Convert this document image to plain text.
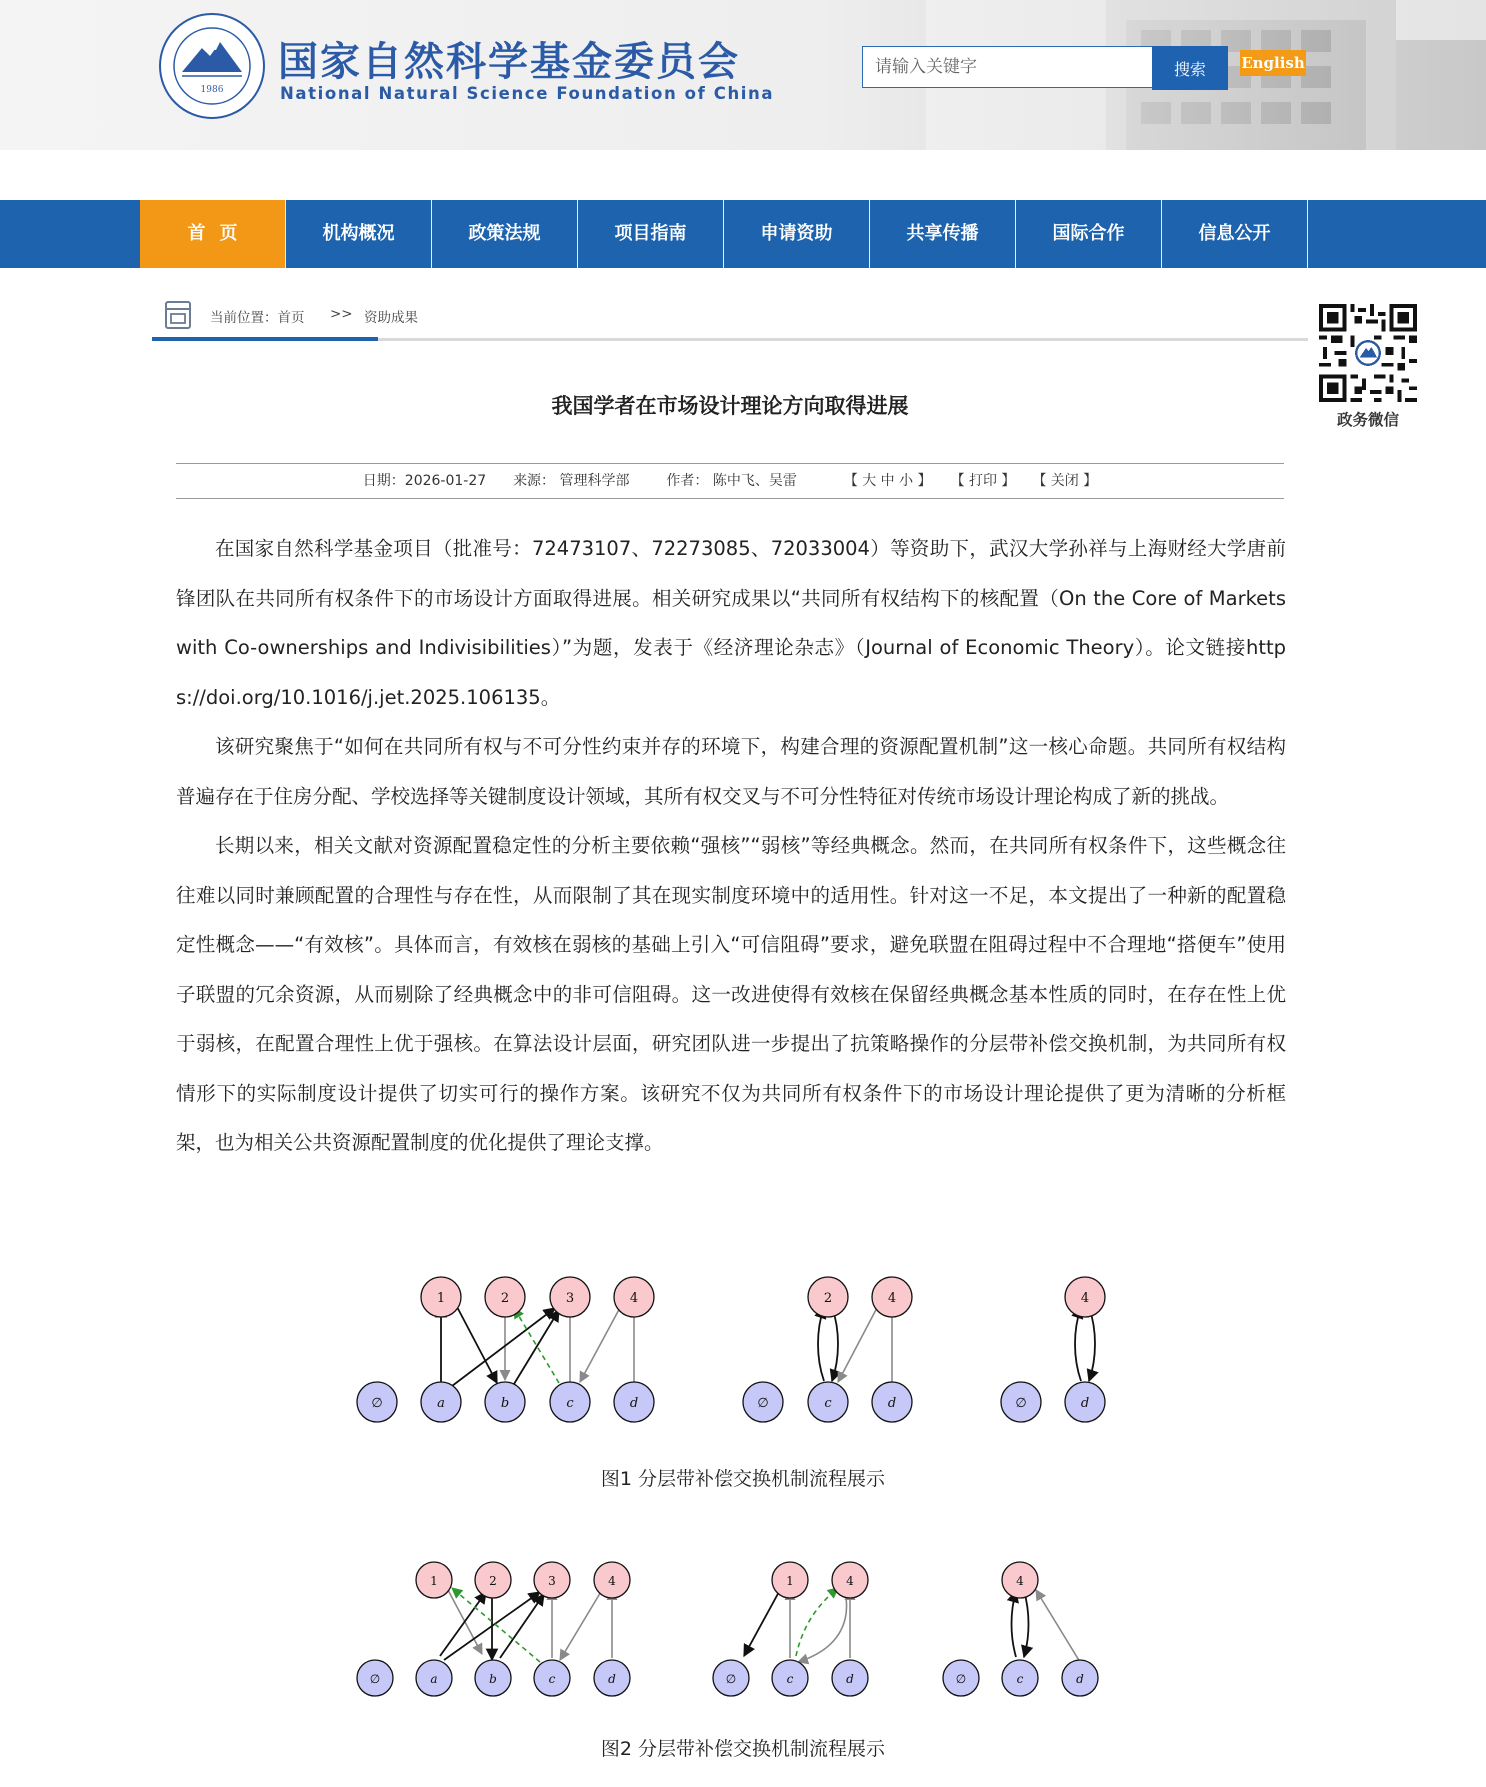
1986
国家自然科学基金委员会
National Natural Science Foundation of China
请输入关键字
搜索	English
首页	机构概况	政策法规	项目指南	申请资助	共享传播	国际合作	信息公开
当前位置：首页 >> 资助成果
政务微信
我国学者在市场设计理论方向取得进展
日期：2026-01-27 来源： 管理科学部	作者： 陈中飞、吴雷	【 大 中 小 】 【 打印 】 【 关闭 】

在国家自然科学基金项目（批准号：72473107、72273085、72033004）等资助下，武汉大学孙祥与上海财经大学唐前锋团队在共同所有权条件下的市场设计方面取得进展。相关研究成果以“共同所有权结构下的核配置（On the Core of Markets with Co-ownerships and Indivisibilities）”为题，发表于《经济理论杂志》（Journal of Economic Theory）。论文链接https://doi.org/10.1016/j.jet.2025.106135。

该研究聚焦于“如何在共同所有权与不可分性约束并存的环境下，构建合理的资源配置机制”这一核心命题。共同所有权结构普遍存在于住房分配、学校选择等关键制度设计领域，其所有权交叉与不可分性特征对传统市场设计理论构成了新的挑战。

长期以来，相关文献对资源配置稳定性的分析主要依赖“强核”“弱核”等经典概念。然而，在共同所有权条件下，这些概念往往难以同时兼顾配置的合理性与存在性，从而限制了其在现实制度环境中的适用性。针对这一不足，本文提出了一种新的配置稳定性概念——“有效核”。具体而言，有效核在弱核的基础上引入“可信阻碍”要求，避免联盟在阻碍过程中不合理地“搭便车”使用子联盟的冗余资源，从而剔除了经典概念中的非可信阻碍。这一改进使得有效核在保留经典概念基本性质的同时，在存在性上优于弱核，在配置合理性上优于强核。在算法设计层面，研究团队进一步提出了抗策略操作的分层带补偿交换机制，为共同所有权情形下的实际制度设计提供了切实可行的操作方案。该研究不仅为共同所有权条件下的市场设计理论提供了更为清晰的分析框架，也为相关公共资源配置制度的优化提供了理论支撑。

1	2	3	4
∅	a	b	c	d
2	4
∅	c	d
4
∅	d
图1 分层带补偿交换机制流程展示
1	2	3	4
∅	a	b	c	d
1	4
∅	c	d
4
∅	c	d
图2 分层带补偿交换机制流程展示
